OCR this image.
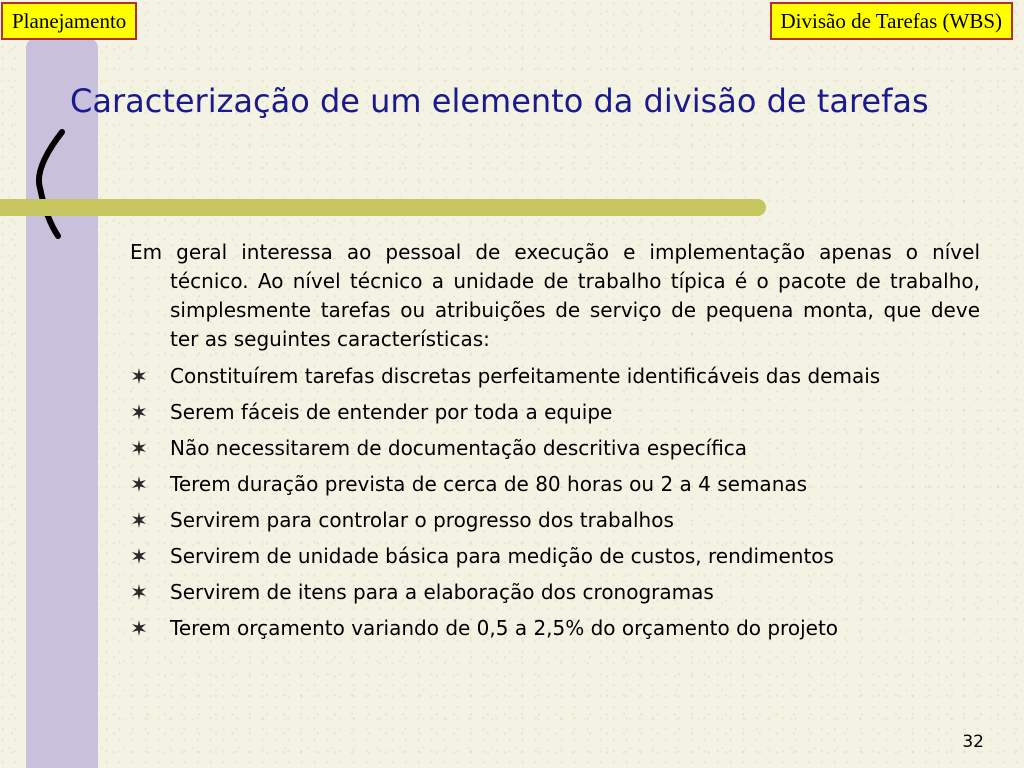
Planejamento	Divisão de Tarefas (WBS)
Caracterização de um elemento da divisão de tarefas

Em geral interessa ao pessoal de execução e implementação apenas o nível técnico. Ao nível técnico a unidade de trabalho típica é o pacote de trabalho, simplesmente tarefas ou atribuições de serviço de pequena monta, que deve ter as seguintes características:

Constituírem tarefas discretas perfeitamente identificáveis das demais
Serem fáceis de entender por toda a equipe
Não necessitarem de documentação descritiva específica
Terem duração prevista de cerca de 80 horas ou 2 a 4 semanas
Servirem para controlar o progresso dos trabalhos
Servirem de unidade básica para medição de custos, rendimentos
Servirem de itens para a elaboração dos cronogramas
Terem orçamento variando de 0,5 a 2,5% do orçamento do projeto
32
